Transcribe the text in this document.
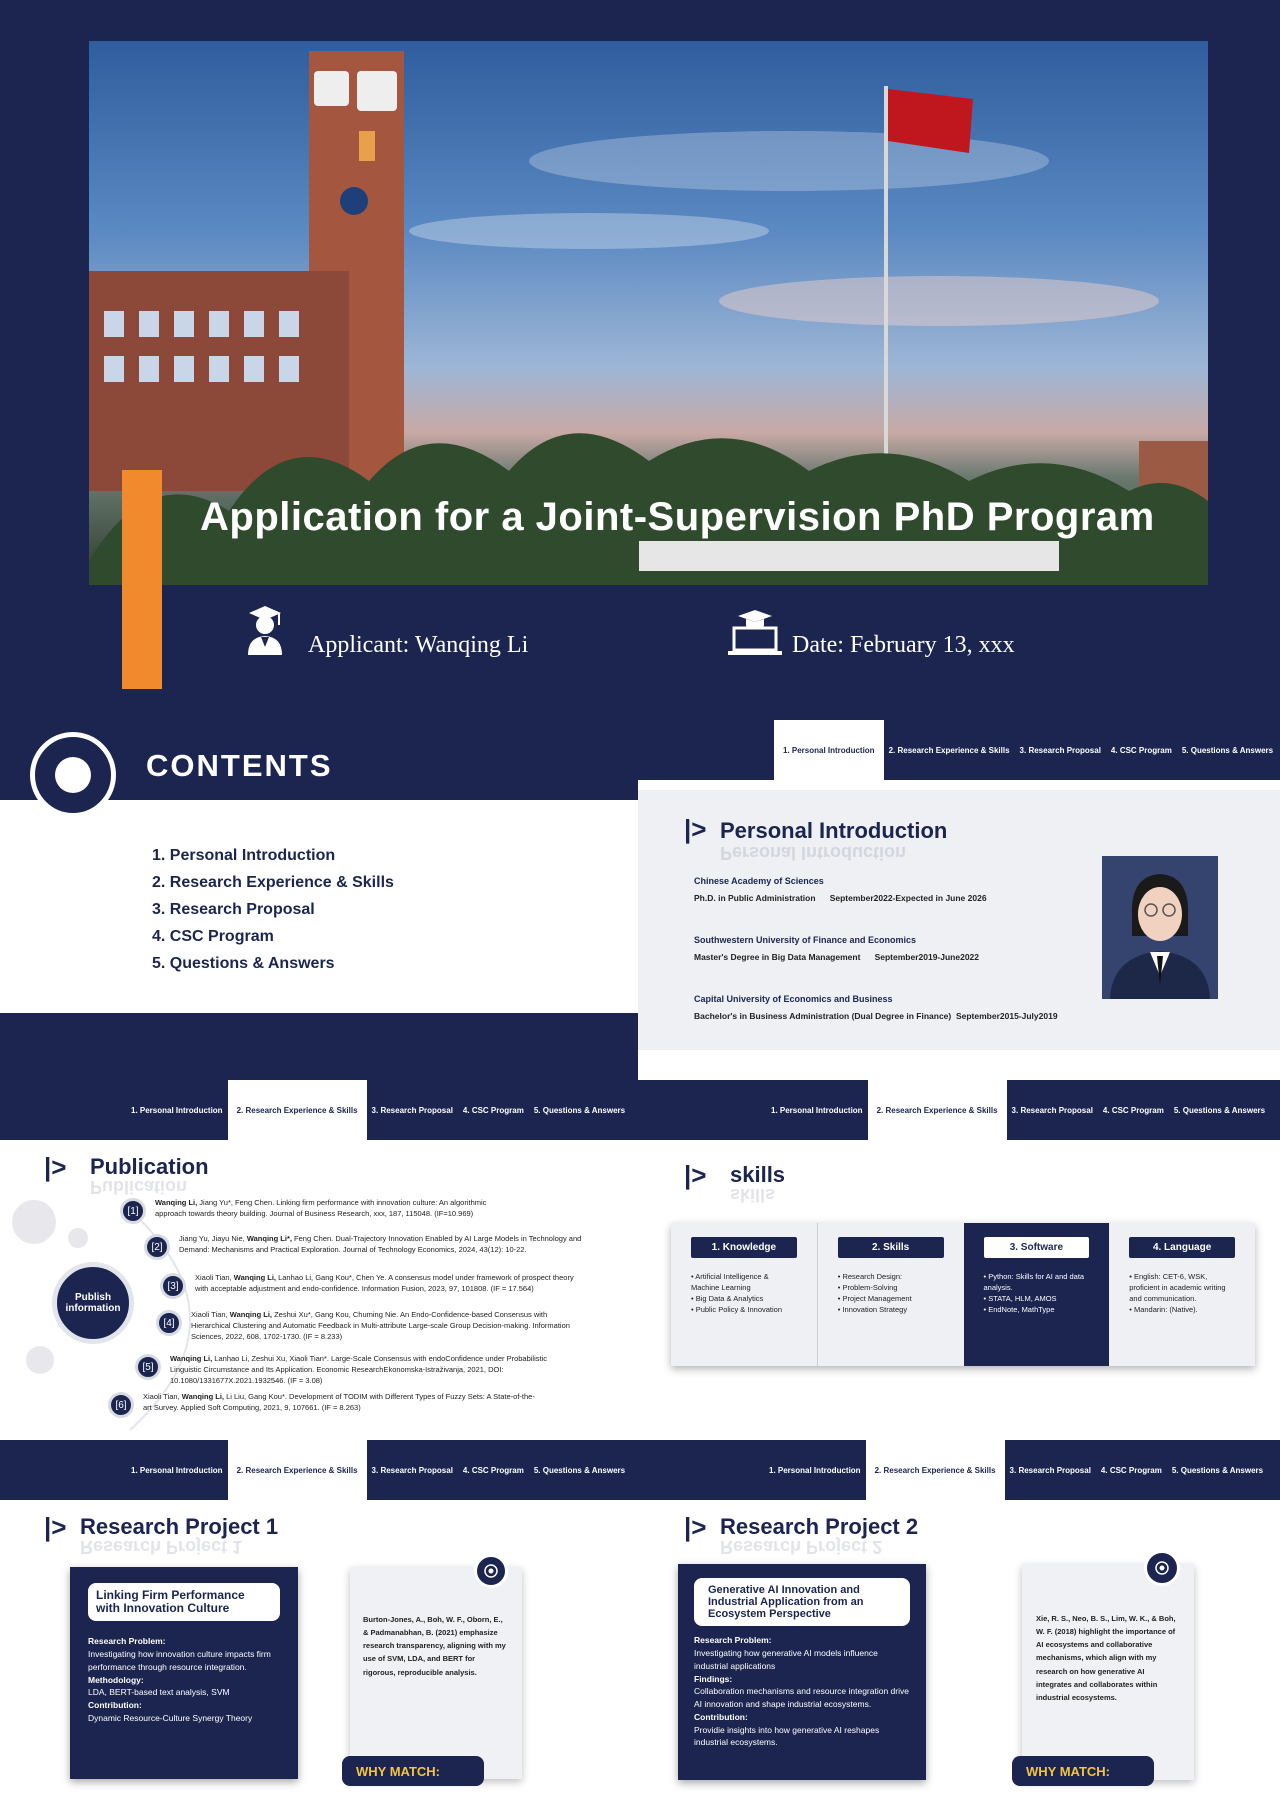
Application for a Joint-Supervision PhD Program
Applicant: Wanqing Li	Date: February 13, xxx
CONTENTS
1. Personal Introduction
2. Research Experience & Skills
3. Research Proposal
4. CSC Program
5. Questions & Answers
1. Personal Introduction	2. Research Experience & Skills	3. Research Proposal	4. CSC Program	5. Questions & Answers
|> Personal Introduction
Personal Introduction
Chinese Academy of Sciences
Ph.D. in Public Administration September2022-Expected in June 2026
Southwestern University of Finance and Economics
Master's Degree in Big Data Management September2019-June2022
Capital University of Economics and Business
Bachelor's in Business Administration (Dual Degree in Finance) September2015-July2019
1. Personal Introduction	2. Research Experience & Skills	3. Research Proposal	4. CSC Program	5. Questions & Answers
|> Publication
Publication
Publish
information
[1]
Wanqing Li, Jiang Yu*, Feng Chen. Linking firm performance with innovation culture: An algorithmic approach towards theory building. Journal of Business Research, xxx, 187, 115048. (IF=10.969)
[2]
Jiang Yu, Jiayu Nie, Wanqing Li*, Feng Chen. Dual-Trajectory Innovation Enabled by AI Large Models in Technology and Demand: Mechanisms and Practical Exploration. Journal of Technology Economics, 2024, 43(12): 10-22.
[3]
Xiaoli Tian, Wanqing Li, Lanhao Li, Gang Kou*, Chen Ye. A consensus model under framework of prospect theory with acceptable adjustment and endo-confidence. Information Fusion, 2023, 97, 101808. (IF = 17.564)
[4]
Xiaoli Tian, Wanqing Li, Zeshui Xu*, Gang Kou, Chuming Nie. An Endo-Confidence-based Consensus with Hierarchical Clustering and Automatic Feedback in Multi-attribute Large-scale Group Decision-making. Information Sciences, 2022, 608, 1702-1730. (IF = 8.233)
[5]
Wanqing Li, Lanhao Li, Zeshui Xu, Xiaoli Tian*. Large-Scale Consensus with endoConfidence under Probabilistic Linguistic Circumstance and Its Application. Economic ResearchEkonomska-Istraživanja, 2021, DOI: 10.1080/1331677X.2021.1932546. (IF = 3.08)
[6]
Xiaoli Tian, Wanqing Li, Li Liu, Gang Kou*. Development of TODIM with Different Types of Fuzzy Sets: A State-of-the-art Survey. Applied Soft Computing, 2021, 9, 107661. (IF = 8.263)
1. Personal Introduction	2. Research Experience & Skills	3. Research Proposal	4. CSC Program	5. Questions & Answers
|> skills
skills
1. Knowledge
• Artificial Intelligence &
Machine Learning
• Big Data & Analytics
• Public Policy & Innovation
2. Skills
• Research Design:
• Problem-Solving
• Project Management
• Innovation Strategy
3. Software
• Python: Skills for AI and data
analysis.
• STATA, HLM, AMOS
• EndNote, MathType
4. Language
• English: CET-6, WSK,
proficient in academic writing
and communication.
• Mandarin: (Native).
1. Personal Introduction	2. Research Experience & Skills	3. Research Proposal	4. CSC Program	5. Questions & Answers
|> Research Project 1
Research Project 1
Linking Firm Performance with Innovation Culture
Research Problem:
Investigating how innovation culture impacts firm performance through resource integration.
Methodology:
LDA, BERT-based text analysis, SVM
Contribution:
Dynamic Resource-Culture Synergy Theory
Burton-Jones, A., Boh, W. F., Oborn, E., & Padmanabhan, B. (2021) emphasize research transparency, aligning with my use of SVM, LDA, and BERT for rigorous, reproducible analysis.
WHY MATCH:
1. Personal Introduction	2. Research Experience & Skills	3. Research Proposal	4. CSC Program	5. Questions & Answers
|> Research Project 2
Research Project 2
Generative AI Innovation and Industrial Application from an Ecosystem Perspective
Research Problem:
Investigating how generative AI models influence industrial applications
Findings:
Collaboration mechanisms and resource integration drive AI innovation and shape industrial ecosystems.
Contribution:
Providie insights into how generative AI reshapes industrial ecosystems.
Xie, R. S., Neo, B. S., Lim, W. K., & Boh, W. F. (2018) highlight the importance of AI ecosystems and collaborative mechanisms, which align with my research on how generative AI integrates and collaborates within industrial ecosystems.
WHY MATCH:
